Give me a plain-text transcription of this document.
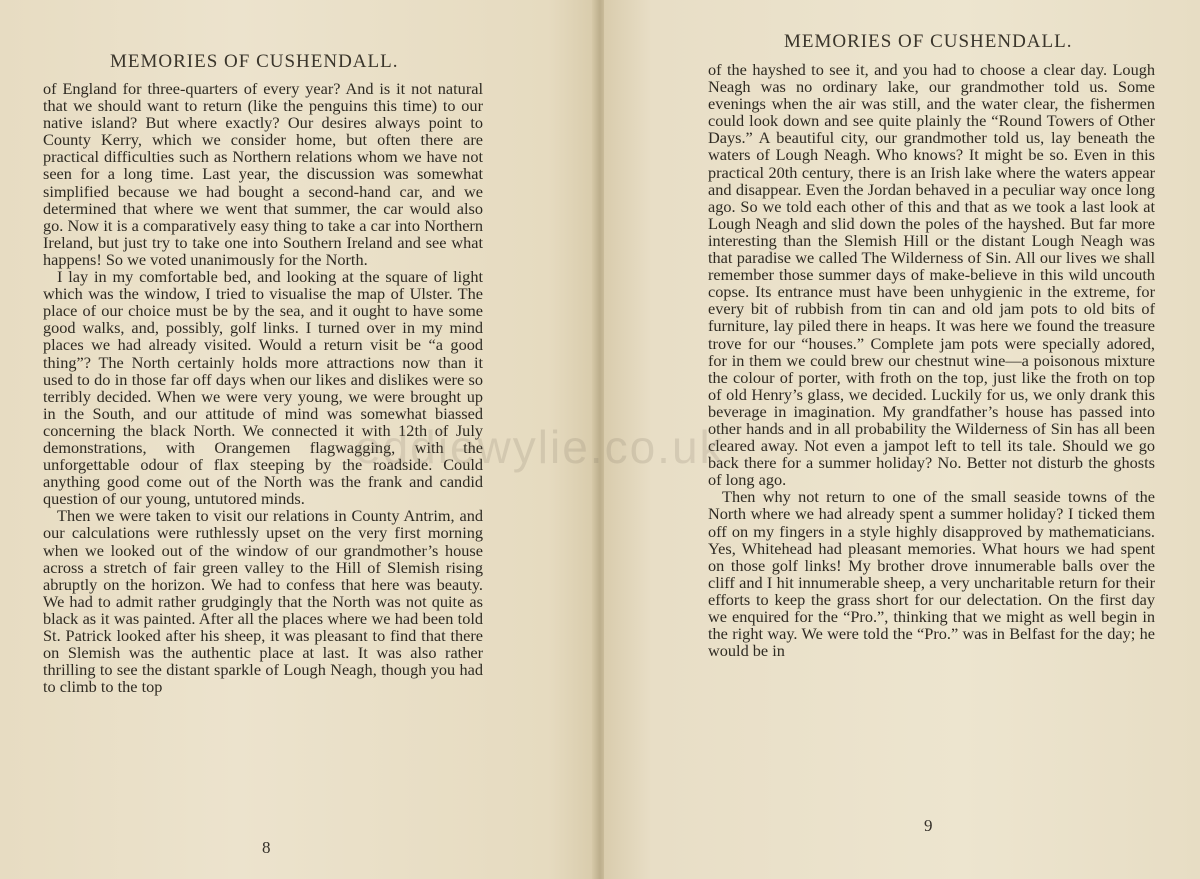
MEMORIES OF CUSHENDALL.

of England for three-quarters of every year? And is it not natural that we should want to return (like the penguins this time) to our native island? But where exactly? Our desires always point to County Kerry, which we consider home, but often there are practical difficulties such as Northern relations whom we have not seen for a long time. Last year, the discussion was somewhat simplified because we had bought a second-hand car, and we determined that where we went that summer, the car would also go. Now it is a comparatively easy thing to take a car into Northern Ireland, but just try to take one into Southern Ireland and see what happens! So we voted unanimously for the North.

I lay in my comfortable bed, and looking at the square of light which was the window, I tried to visualise the map of Ulster. The place of our choice must be by the sea, and it ought to have some good walks, and, possibly, golf links. I turned over in my mind places we had already visited. Would a return visit be “a good thing”? The North certainly holds more attractions now than it used to do in those far off days when our likes and dislikes were so terribly decided. When we were very young, we were brought up in the South, and our attitude of mind was somewhat biassed concerning the black North. We connected it with 12th of July demonstrations, with Orangemen flagwagging, with the unforgettable odour of flax steeping by the roadside. Could anything good come out of the North was the frank and candid question of our young, untutored minds.

Then we were taken to visit our relations in County Antrim, and our calculations were ruthlessly upset on the very first morning when we looked out of the window of our grandmother’s house across a stretch of fair green valley to the Hill of Slemish rising abruptly on the horizon. We had to confess that here was beauty. We had to admit rather grudgingly that the North was not quite as black as it was painted. After all the places where we had been told St. Patrick looked after his sheep, it was pleasant to find that there on Slemish was the authentic place at last. It was also rather thrilling to see the distant sparkle of Lough Neagh, though you had to climb to the top

8
MEMORIES OF CUSHENDALL.

of the hayshed to see it, and you had to choose a clear day. Lough Neagh was no ordinary lake, our grandmother told us. Some evenings when the air was still, and the water clear, the fishermen could look down and see quite plainly the “Round Towers of Other Days.” A beautiful city, our grandmother told us, lay beneath the waters of Lough Neagh. Who knows? It might be so. Even in this practical 20th century, there is an Irish lake where the waters appear and disappear. Even the Jordan behaved in a peculiar way once long ago. So we told each other of this and that as we took a last look at Lough Neagh and slid down the poles of the hayshed. But far more interesting than the Slemish Hill or the distant Lough Neagh was that paradise we called The Wilderness of Sin. All our lives we shall remember those summer days of make-believe in this wild uncouth copse. Its entrance must have been unhygienic in the extreme, for every bit of rubbish from tin can and old jam pots to old bits of furniture, lay piled there in heaps. It was here we found the treasure trove for our “houses.” Complete jam pots were specially adored, for in them we could brew our chestnut wine—a poisonous mixture the colour of porter, with froth on the top, just like the froth on top of old Henry’s glass, we decided. Luckily for us, we only drank this beverage in imagination. My grandfather’s house has passed into other hands and in all probability the Wilderness of Sin has all been cleared away. Not even a jampot left to tell its tale. Should we go back there for a summer holiday? No. Better not disturb the ghosts of long ago.

Then why not return to one of the small seaside towns of the North where we had already spent a summer holiday? I ticked them off on my fingers in a style highly disapproved by mathematicians. Yes, Whitehead had pleasant memories. What hours we had spent on those golf links! My brother drove innumerable balls over the cliff and I hit innumerable sheep, a very uncharitable return for their efforts to keep the grass short for our delectation. On the first day we enquired for the “Pro.”, thinking that we might as well begin in the right way. We were told the “Pro.” was in Belfast for the day; he would be in

9
eddiewylie.co.uk
